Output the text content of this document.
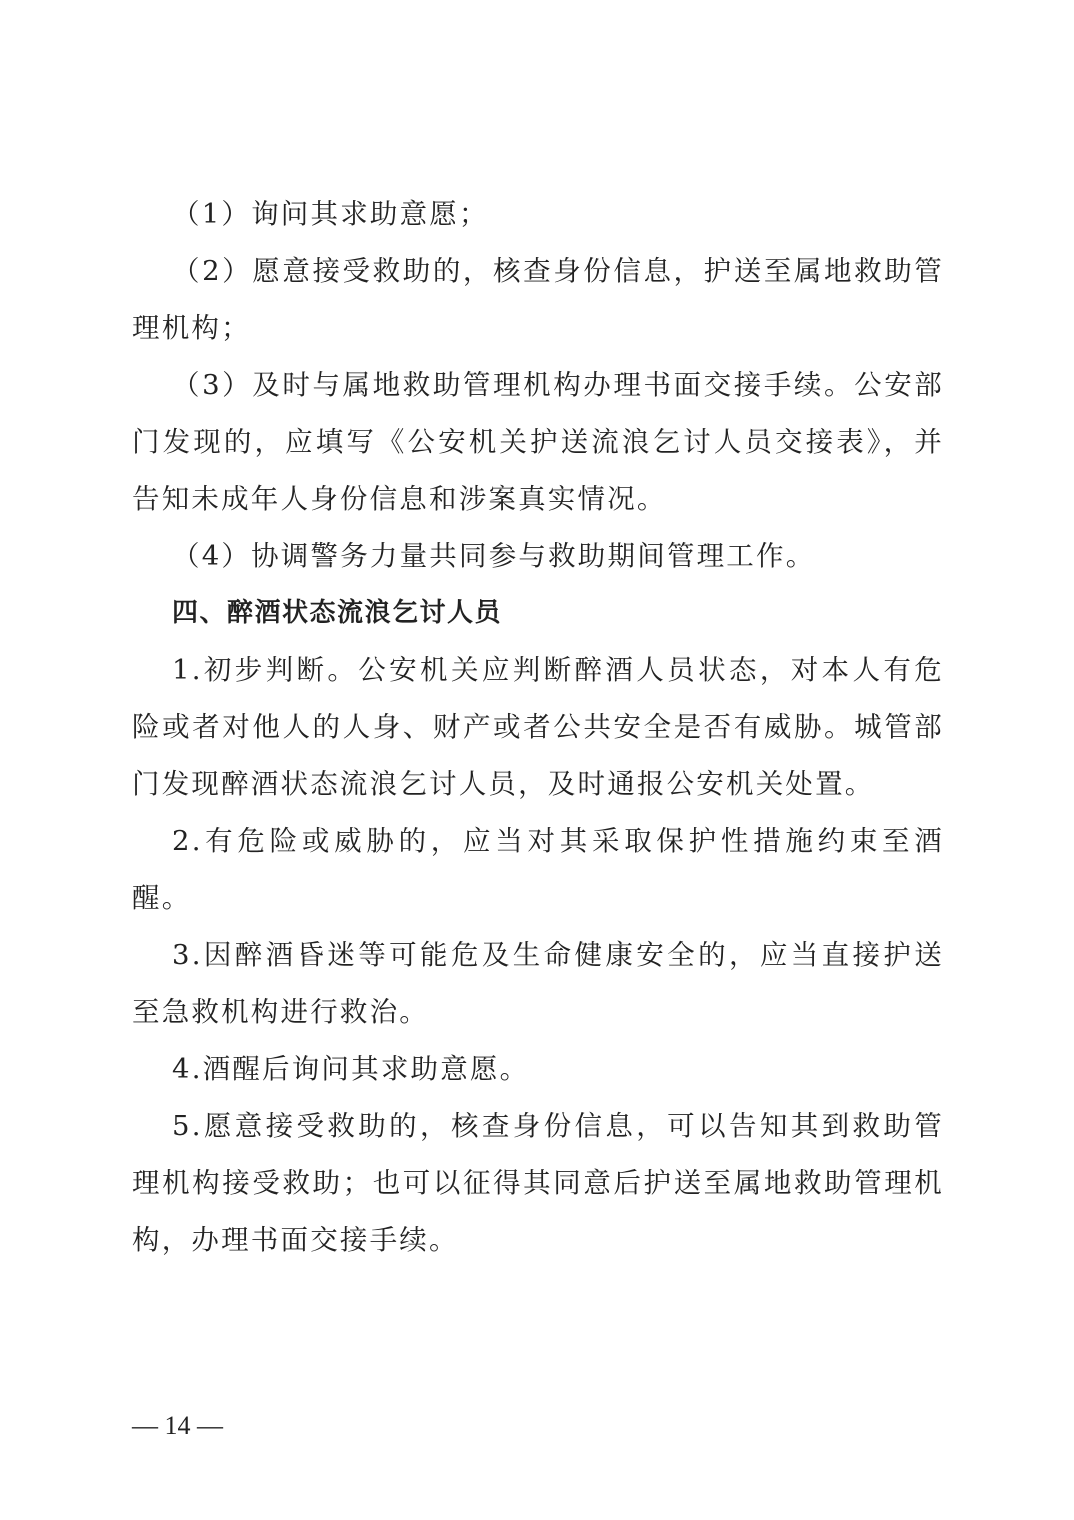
（1）询问其求助意愿；

（2）愿意接受救助的，核查身份信息，护送至属地救助管理机构；

（3）及时与属地救助管理机构办理书面交接手续。公安部门发现的，应填写《公安机关护送流浪乞讨人员交接表》，并告知未成年人身份信息和涉案真实情况。

（4）协调警务力量共同参与救助期间管理工作。

四、醉酒状态流浪乞讨人员

1.初步判断。公安机关应判断醉酒人员状态，对本人有危险或者对他人的人身、财产或者公共安全是否有威胁。城管部门发现醉酒状态流浪乞讨人员，及时通报公安机关处置。

2.有危险或威胁的，应当对其采取保护性措施约束至酒醒。

3.因醉酒昏迷等可能危及生命健康安全的，应当直接护送至急救机构进行救治。

4.酒醒后询问其求助意愿。

5.愿意接受救助的，核查身份信息，可以告知其到救助管理机构接受救助；也可以征得其同意后护送至属地救助管理机构，办理书面交接手续。

— 14 —
